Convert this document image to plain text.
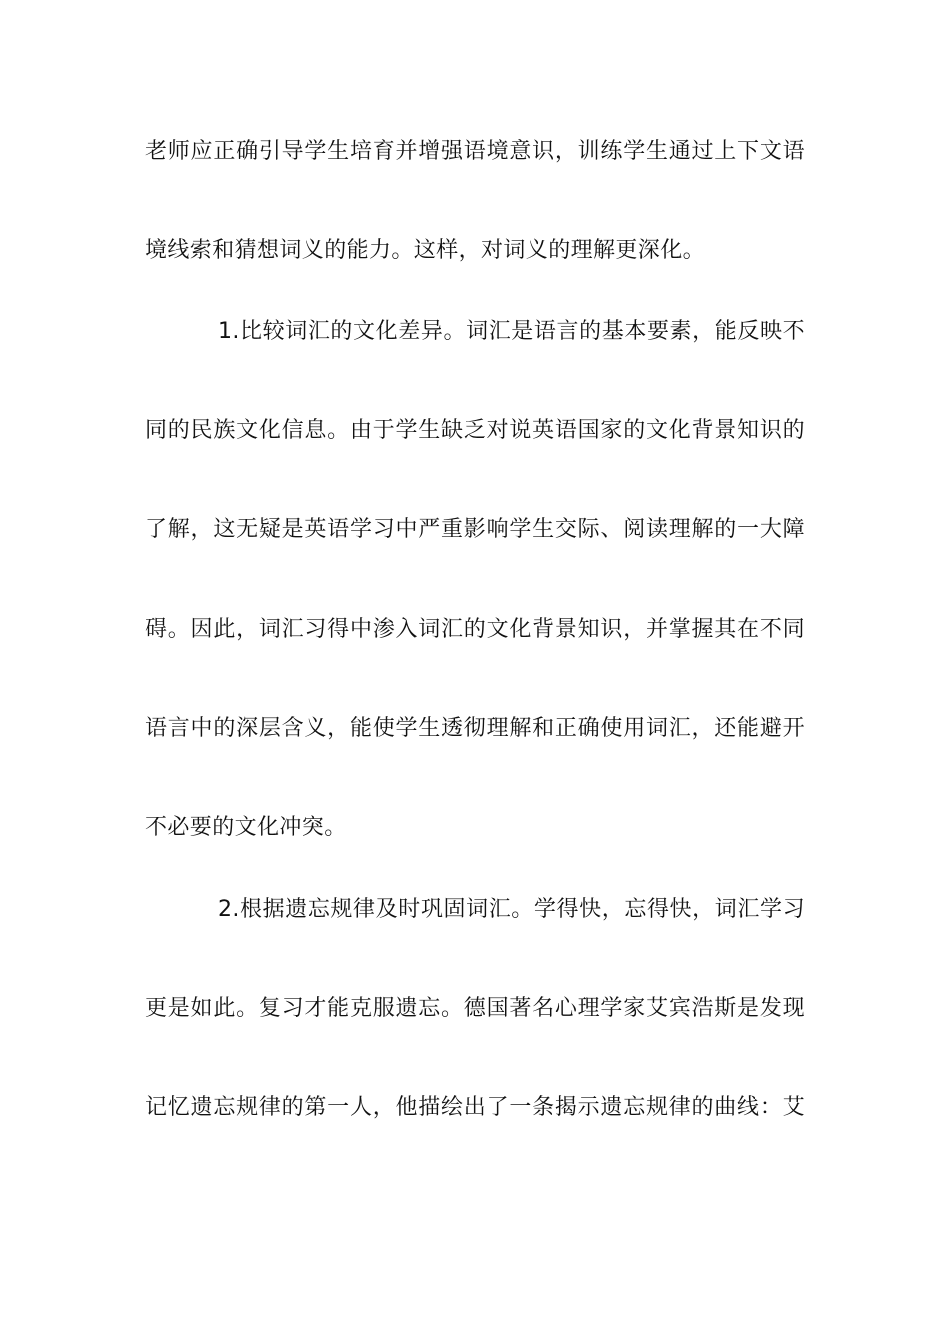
老师应正确引导学生培育并增强语境意识，训练学生通过上下文语
境线索和猜想词义的能力。这样，对词义的理解更深化。
1.比较词汇的文化差异。词汇是语言的基本要素，能反映不
同的民族文化信息。由于学生缺乏对说英语国家的文化背景知识的
了解，这无疑是英语学习中严重影响学生交际、阅读理解的一大障
碍。因此，词汇习得中渗入词汇的文化背景知识，并掌握其在不同
语言中的深层含义，能使学生透彻理解和正确使用词汇，还能避开
不必要的文化冲突。
2.根据遗忘规律及时巩固词汇。学得快，忘得快，词汇学习
更是如此。复习才能克服遗忘。德国著名心理学家艾宾浩斯是发现
记忆遗忘规律的第一人，他描绘出了一条揭示遗忘规律的曲线：艾
